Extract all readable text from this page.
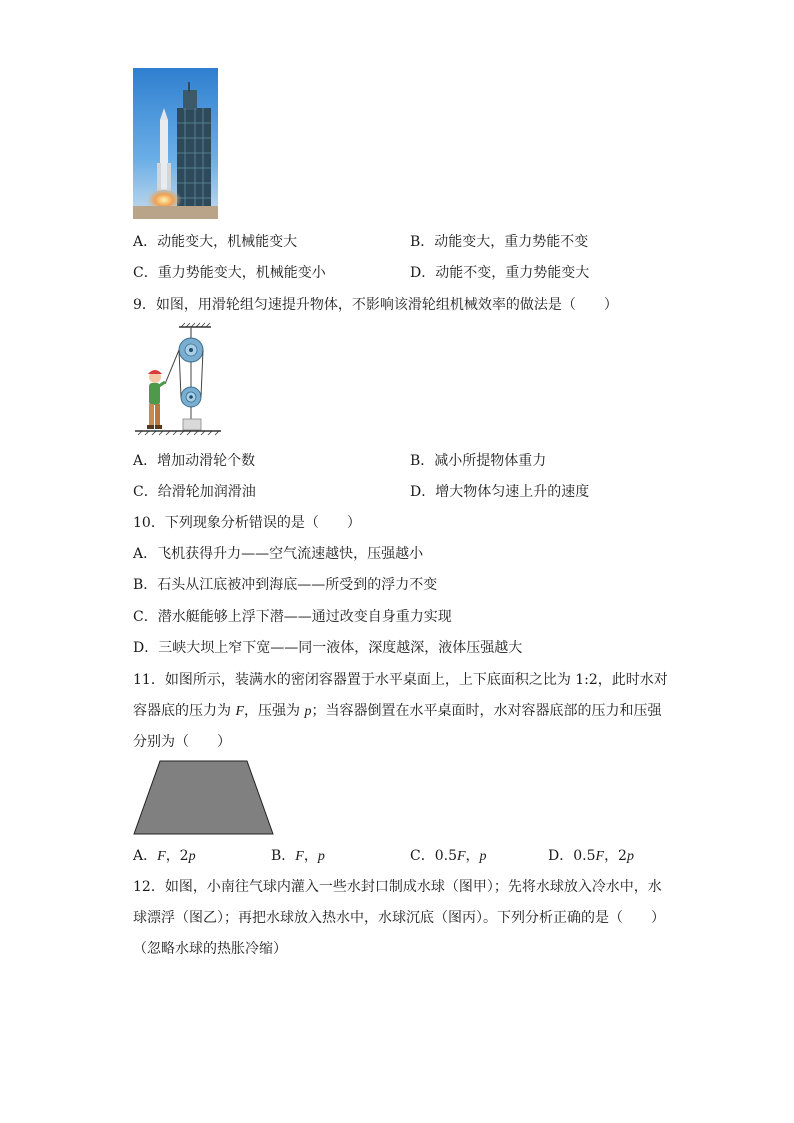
A．动能变大，机械能变大	B．动能变大，重力势能不变
C．重力势能变大，机械能变小	D．动能不变，重力势能变大
9．如图，用滑轮组匀速提升物体，不影响该滑轮组机械效率的做法是（　　）
A．增加动滑轮个数	B．减小所提物体重力
C．给滑轮加润滑油	D．增大物体匀速上升的速度
10．下列现象分析错误的是（　　）
A．飞机获得升力——空气流速越快，压强越小
B．石头从江底被冲到海底——所受到的浮力不变
C．潜水艇能够上浮下潜——通过改变自身重力实现
D．三峡大坝上窄下宽——同一液体，深度越深，液体压强越大
11．如图所示，装满水的密闭容器置于水平桌面上，上下底面积之比为 1:2，此时水对
容器底的压力为 F，压强为 p；当容器倒置在水平桌面时，水对容器底部的压力和压强
分别为（　　）
A．F，2p	B．F，p	C．0.5F，p	D．0.5F，2p
12．如图，小南往气球内灌入一些水封口制成水球（图甲）；先将水球放入冷水中，水
球漂浮（图乙）；再把水球放入热水中，水球沉底（图丙）。下列分析正确的是（　　）
（忽略水球的热胀冷缩）
